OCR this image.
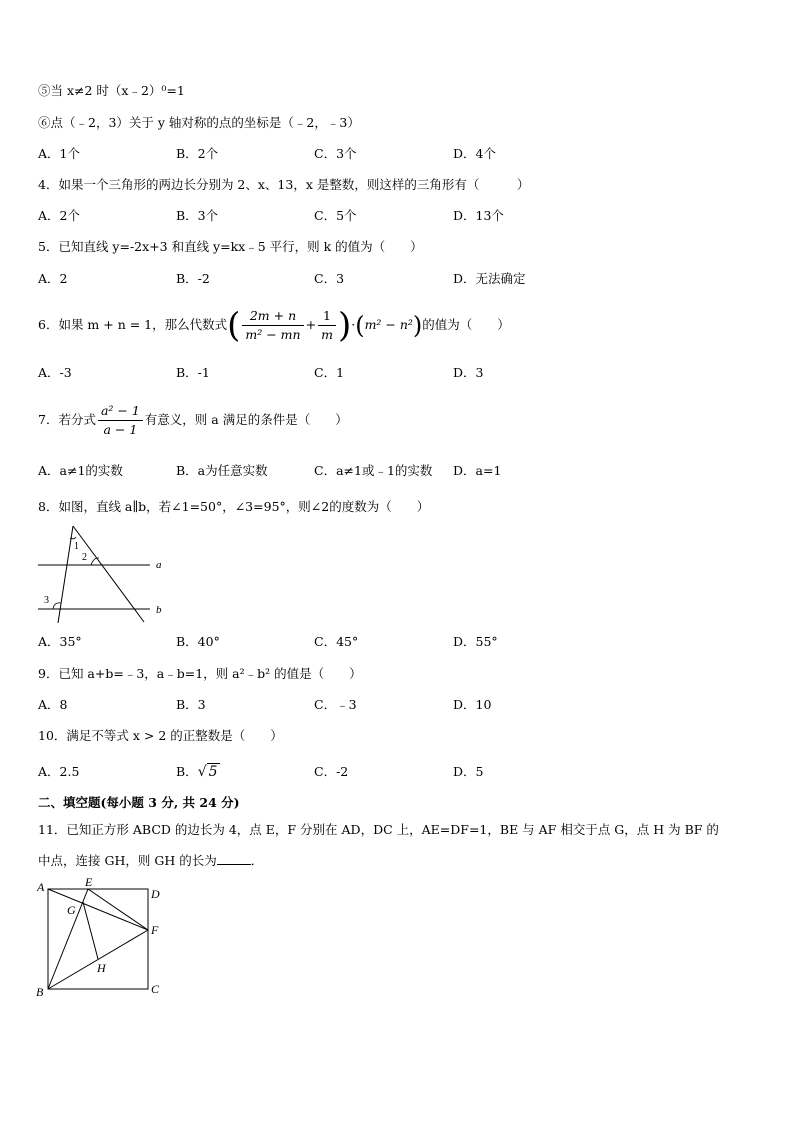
⑤当 x≠2 时（x﹣2）⁰=1
⑥点（﹣2，3）关于 y 轴对称的点的坐标是（﹣2，﹣3）
A．1个	B．2个	C．3个	D．4个
4．如果一个三角形的两边长分别为 2、x、13，x 是整数，则这样的三角形有（　　　）
A．2个	B．3个	C．5个	D．13个
5．已知直线 y=-2x+3 和直线 y=kx﹣5 平行，则 k 的值为（　　）
A．2	B．-2	C．3	D．无法确定
6．如果 m + n = 1，那么代数式( $\frac{2m + n}{\text{m² − mn}} + \frac{1}{m} )\cdot(m^2 - n^2)$的值为（　　）
A．-3	B．-1	C．1	D．3
7．若分式 $\frac{\text{a² − 1}}{a - 1}$ 有意义，则 a 满足的条件是（　　）
A．a≠1的实数	B．a为任意实数	C．a≠1或﹣1的实数 D．a=1
8．如图，直线 a∥b，若∠1=50°，∠3=95°，则∠2的度数为（　　）
1
2
3
a
b
A．35°	B．40°	C．45°	D．55°
9．已知 a+b=﹣3，a﹣b=1，则 a²﹣b² 的值是（　　）
A．8	B．3	C．﹣3	D．10
10．满足不等式 x > 2 的正整数是（　　）
A．2.5	B．√ 5	C．-2	D．5
二、填空题(每小题 3 分, 共 24 分)
11．已知正方形 ABCD 的边长为 4，点 E，F 分别在 AD，DC 上，AE=DF=1，BE 与 AF 相交于点 G，点 H 为 BF 的
中点，连接 GH，则 GH 的长为	．
A	E
D
G
F
H
B	C
